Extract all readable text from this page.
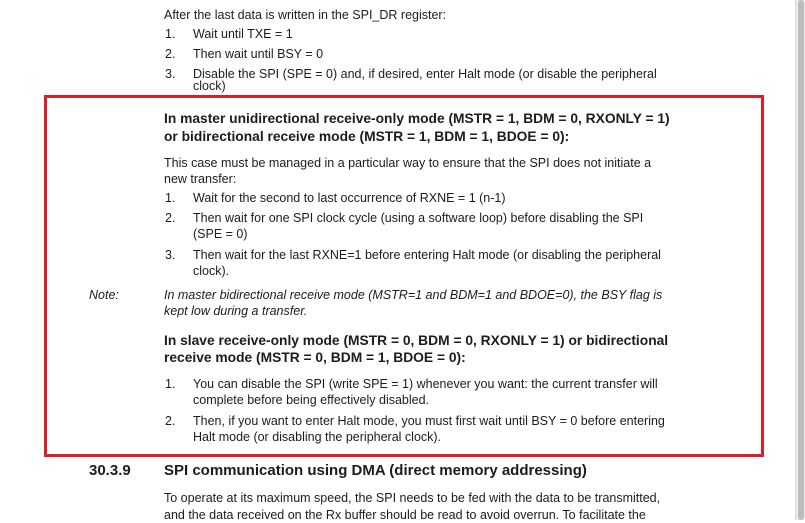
After the last data is written in the SPI_DR register:
1. Wait until TXE = 1
2. Then wait until BSY = 0
3. Disable the SPI (SPE = 0) and, if desired, enter Halt mode (or disable the peripheral
clock)
In master unidirectional receive-only mode (MSTR = 1, BDM = 0, RXONLY = 1)
or bidirectional receive mode (MSTR = 1, BDM = 1, BDOE = 0):
This case must be managed in a particular way to ensure that the SPI does not initiate a
new transfer:
1. Wait for the second to last occurrence of RXNE = 1 (n-1)
2. Then wait for one SPI clock cycle (using a software loop) before disabling the SPI
(SPE = 0)
3. Then wait for the last RXNE=1 before entering Halt mode (or disabling the peripheral
clock).
Note:	In master bidirectional receive mode (MSTR=1 and BDM=1 and BDOE=0), the BSY flag is
kept low during a transfer.
In slave receive-only mode (MSTR = 0, BDM = 0, RXONLY = 1) or bidirectional
receive mode (MSTR = 0, BDM = 1, BDOE = 0):
1. You can disable the SPI (write SPE = 1) whenever you want: the current transfer will
complete before being effectively disabled.
2. Then, if you want to enter Halt mode, you must first wait until BSY = 0 before entering
Halt mode (or disabling the peripheral clock).
30.3.9 SPI communication using DMA (direct memory addressing)
To operate at its maximum speed, the SPI needs to be fed with the data to be transmitted,
and the data received on the Rx buffer should be read to avoid overrun. To facilitate the
